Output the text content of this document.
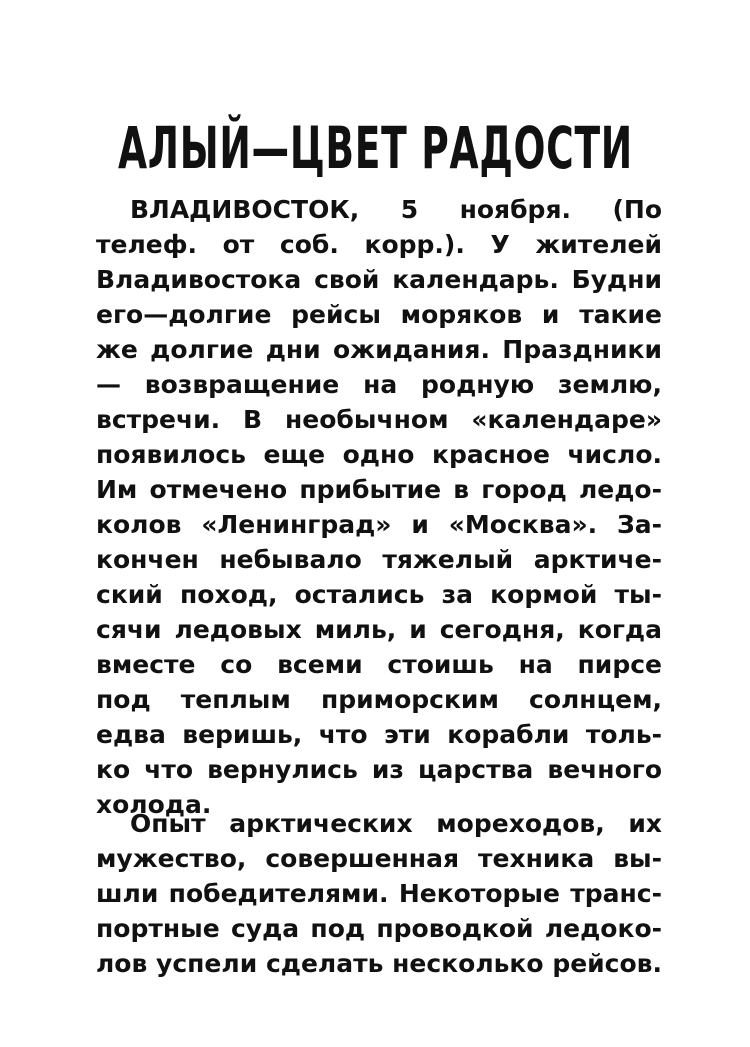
АЛЫЙ—ЦВЕТ РАДОСТИ
ВЛАДИВОСТОК, 5 ноября. (По
телеф. от соб. корр.). У жителей
Владивостока свой календарь. Будни
его—долгие рейсы моряков и такие
же долгие дни ожидания. Праздники
— возвращение на родную землю,
встречи. В необычном «календаре»
появилось еще одно красное число.
Им отмечено прибытие в город ледо-
колов «Ленинград» и «Москва». За-
кончен небывало тяжелый арктиче-
ский поход, остались за кормой ты-
сячи ледовых миль, и сегодня, когда
вместе со всеми стоишь на пирсе
под теплым приморским солнцем,
едва веришь, что эти корабли толь-
ко что вернулись из царства вечного
холода.
Опыт арктических мореходов, их
мужество, совершенная техника вы-
шли победителями. Некоторые транс-
портные суда под проводкой ледоко-
лов успели сделать несколько рейсов.
